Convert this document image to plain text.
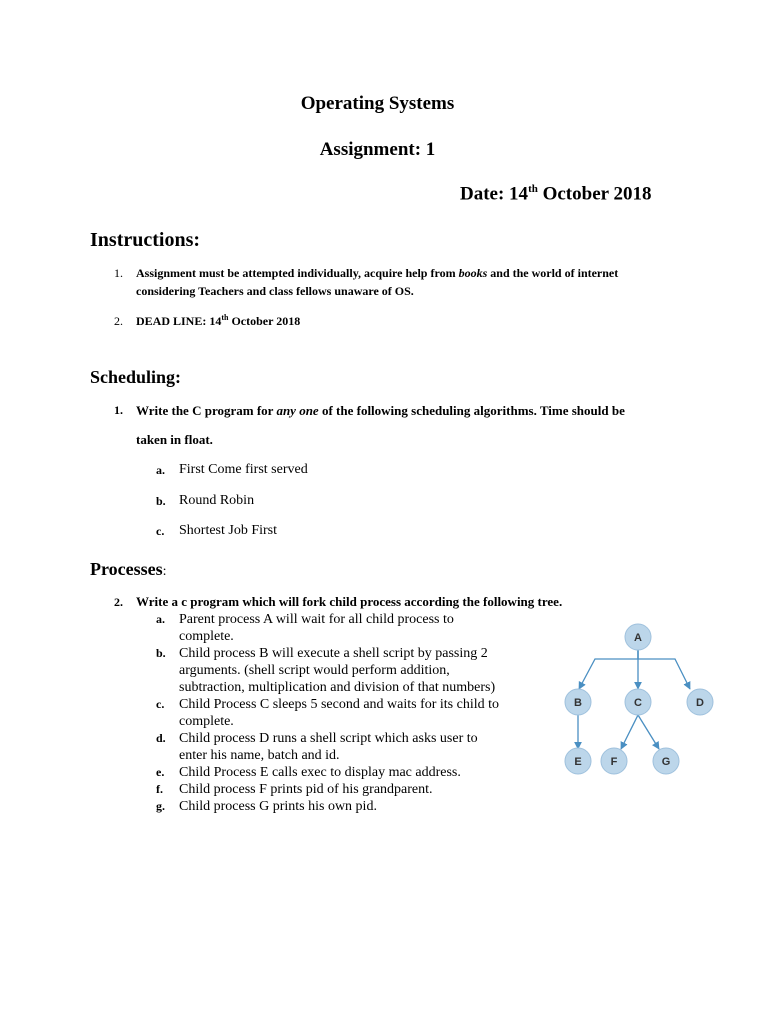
Operating Systems
Assignment: 1
Date: 14th October 2018
Instructions:
1. Assignment must be attempted individually, acquire help from books and the world of internet
considering Teachers and class fellows unaware of OS.
2. DEAD LINE: 14th October 2018
Scheduling:
1. Write the C program for any one of the following scheduling algorithms. Time should be
taken in float.
a. First Come first served
b. Round Robin
c. Shortest Job First
Processes:
2. Write a c program which will fork child process according the following tree.
a.	Parent process A will wait for all child process to
complete.
b. Child process B will execute a shell script by passing 2
arguments. (shell script would perform addition,
subtraction, multiplication and division of that numbers)
c.	Child Process C sleeps 5 second and waits for its child to
complete.
d. Child process D runs a shell script which asks user to
enter his name, batch and id.
e.	Child Process E calls exec to display mac address.
f.	Child process F prints pid of his grandparent.
g.	Child process G prints his own pid.
A
B	C	D
E	F	G
